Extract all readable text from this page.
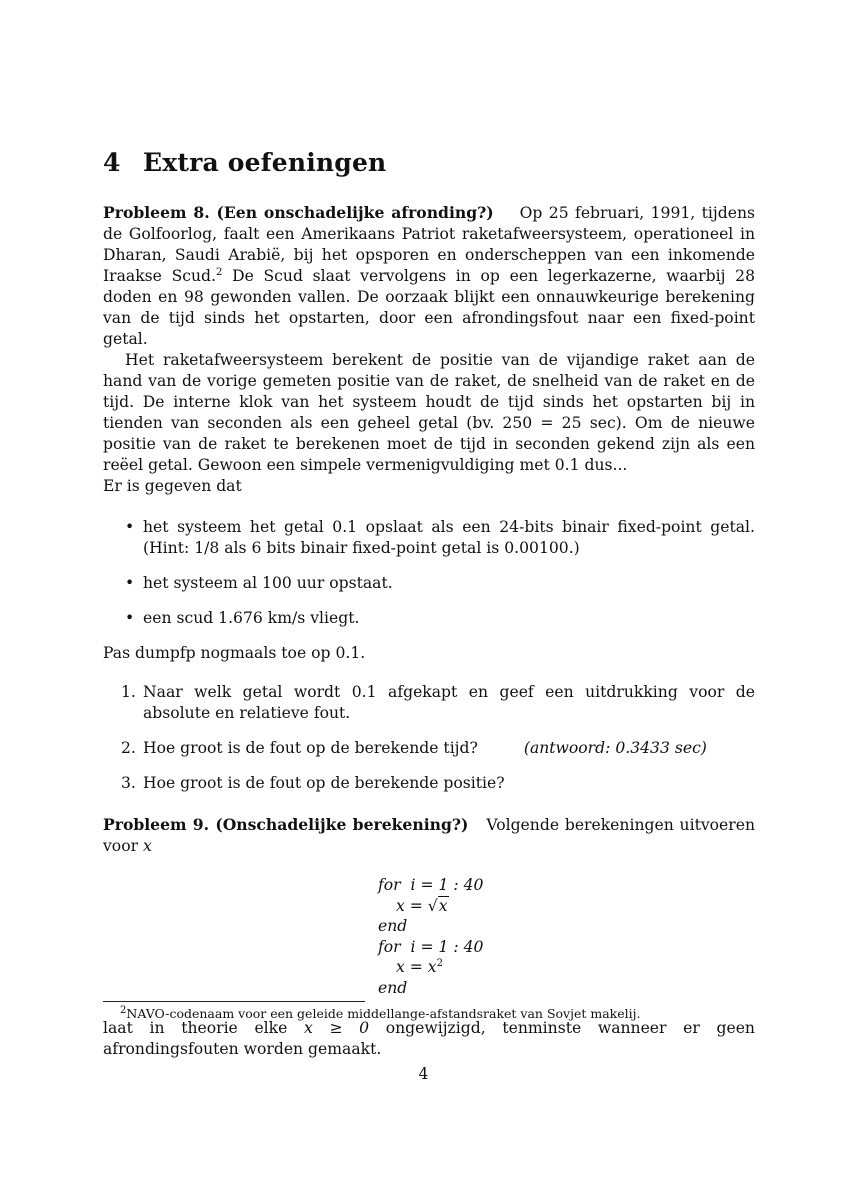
4 Extra oefeningen

Probleem 8. (Een onschadelijke afronding?) Op 25 februari, 1991, tijdens de Golfoorlog, faalt een Amerikaans Patriot raketafweersysteem, operationeel in Dharan, Saudi Arabië, bij het opsporen en onderscheppen van een inkomende Iraakse Scud.$^2$ De Scud slaat vervolgens in op een legerkazerne, waarbij 28 doden en 98 gewonden vallen. De oorzaak blijkt een onnauwkeurige berekening van de tijd sinds het opstarten, door een afrondingsfout naar een fixed-point getal.

Het raketafweersysteem berekent de positie van de vijandige raket aan de hand van de vorige gemeten positie van de raket, de snelheid van de raket en de tijd. De interne klok van het systeem houdt de tijd sinds het opstarten bij in tienden van seconden als een geheel getal (bv. 250 = 25 sec). Om de nieuwe positie van de raket te berekenen moet de tijd in seconden gekend zijn als een reëel getal. Gewoon een simpele vermenigvuldiging met 0.1 dus...

Er is gegeven dat

• het systeem het getal 0.1 opslaat als een 24-bits binair fixed-point getal. (Hint: 1/8 als 6 bits binair fixed-point getal is 0.00100.)
• het systeem al 100 uur opstaat.
• een scud 1.676 km/s vliegt.

Pas dumpfp nogmaals toe op 0.1.

1. Naar welk getal wordt 0.1 afgekapt en geef een uitdrukking voor de absolute en relatieve fout.
2. Hoe groot is de fout op de berekende tijd?	(antwoord: 0.3433 sec)
3. Hoe groot is de fout op de berekende positie?

Probleem 9. (Onschadelijke berekening?) Volgende berekeningen uitvoeren voor x

for i = 1 : 40
x = √x
end
for i = 1 : 40
$x = x^2$
end

laat in theorie elke x ≥ 0 ongewijzigd, tenminste wanneer er geen afrondingsfouten worden gemaakt.

$^2$NAVO-codenaam voor een geleide middellange-afstandsraket van Sovjet makelij.
4
